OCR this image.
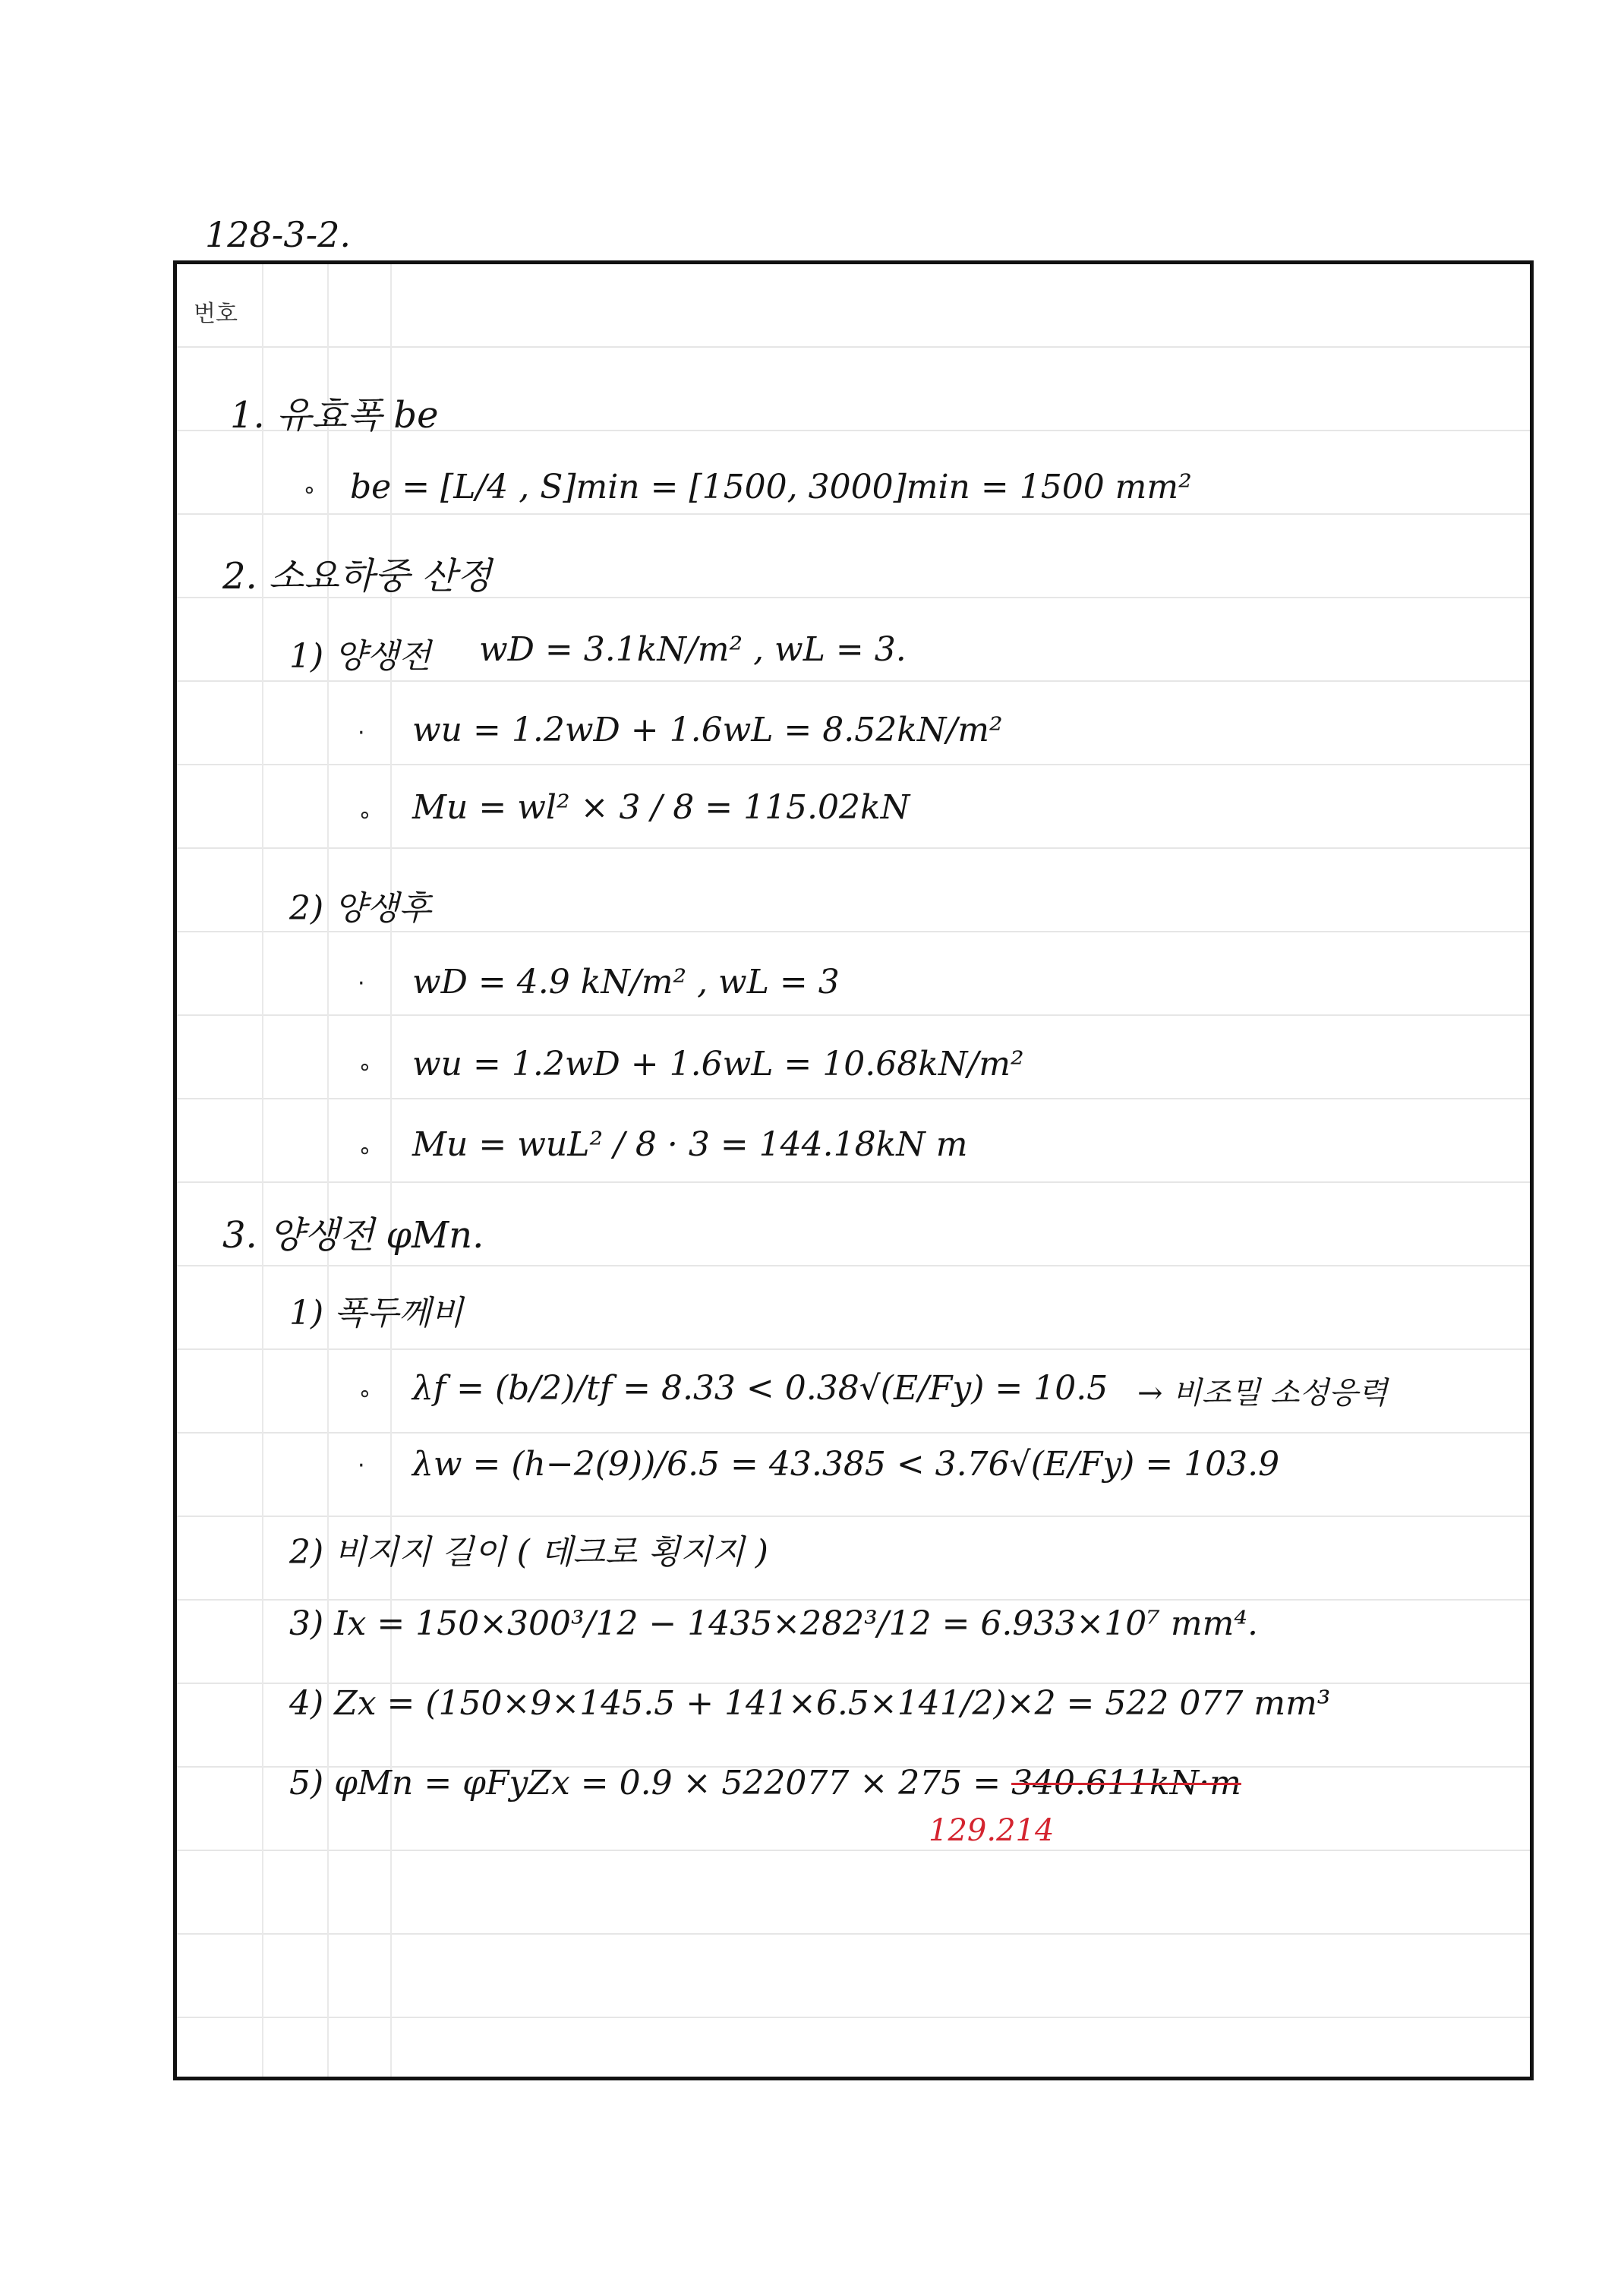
128-3-2.
번호
1. 유효폭 be
∘ be = [L/4 , S]min = [1500, 3000]min = 1500 mm²
2. 소요하중 산정
1) 양생전 wD = 3.1kN/m² , wL = 3.
· wu = 1.2wD + 1.6wL = 8.52kN/m²
∘ Mu = wl² × 3 / 8 = 115.02kN
2) 양생후
· wD = 4.9 kN/m² , wL = 3
∘ wu = 1.2wD + 1.6wL = 10.68kN/m²
∘ Mu = wuL² / 8 · 3 = 144.18kN m
3. 양생전 φMn.
1) 폭두께비
∘ λf = (b/2)/tf = 8.33 < 0.38√(E/Fy) = 10.5 → 비조밀 소성응력
· λw = (h−2(9))/6.5 = 43.385 < 3.76√(E/Fy) = 103.9
2) 비지지 길이 ( 데크로 횡지지 )
3) Ix = 150×300³/12 − 1435×282³/12 = 6.933×10⁷ mm⁴.
4) Zx = (150×9×145.5 + 141×6.5×141/2)×2 = 522 077 mm³
5) φMn = φFyZx = 0.9 × 522077 × 275 = 340.611kN·m
129.214
